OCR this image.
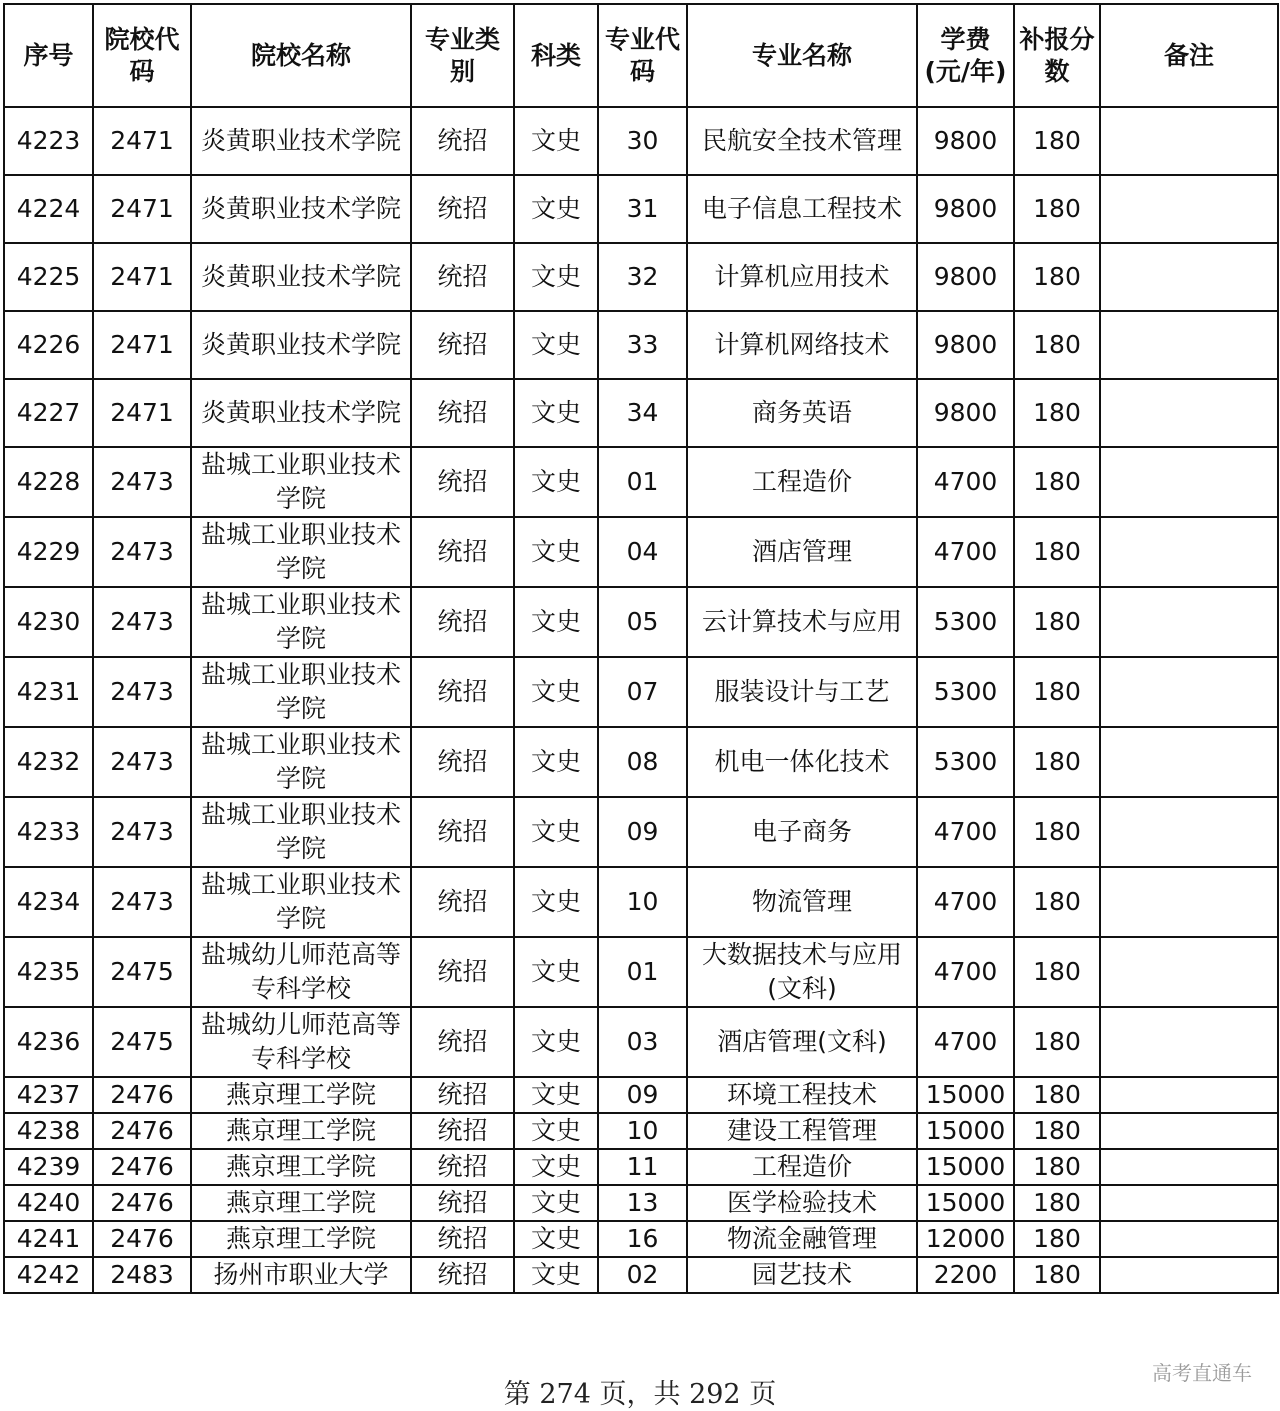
序号	院校代码	院校名称	专业类别	科类	专业代码	专业名称	学费(元/年)	补报分数	备注
4223	2471	炎黄职业技术学院	统招	文史	30	民航安全技术管理	9800	180	
4224	2471	炎黄职业技术学院	统招	文史	31	电子信息工程技术	9800	180	
4225	2471	炎黄职业技术学院	统招	文史	32	计算机应用技术	9800	180	
4226	2471	炎黄职业技术学院	统招	文史	33	计算机网络技术	9800	180	
4227	2471	炎黄职业技术学院	统招	文史	34	商务英语	9800	180	
4228	2473	盐城工业职业技术学院	统招	文史	01	工程造价	4700	180	
4229	2473	盐城工业职业技术学院	统招	文史	04	酒店管理	4700	180	
4230	2473	盐城工业职业技术学院	统招	文史	05	云计算技术与应用	5300	180	
4231	2473	盐城工业职业技术学院	统招	文史	07	服装设计与工艺	5300	180	
4232	2473	盐城工业职业技术学院	统招	文史	08	机电一体化技术	5300	180	
4233	2473	盐城工业职业技术学院	统招	文史	09	电子商务	4700	180	
4234	2473	盐城工业职业技术学院	统招	文史	10	物流管理	4700	180	
4235	2475	盐城幼儿师范高等专科学校	统招	文史	01	大数据技术与应用(文科)	4700	180	
4236	2475	盐城幼儿师范高等专科学校	统招	文史	03	酒店管理(文科)	4700	180	
4237	2476	燕京理工学院	统招	文史	09	环境工程技术	15000	180	
4238	2476	燕京理工学院	统招	文史	10	建设工程管理	15000	180	
4239	2476	燕京理工学院	统招	文史	11	工程造价	15000	180	
4240	2476	燕京理工学院	统招	文史	13	医学检验技术	15000	180	
4241	2476	燕京理工学院	统招	文史	16	物流金融管理	12000	180	
4242	2483	扬州市职业大学	统招	文史	02	园艺技术	2200	180	
第 274 页，共 292 页
高考直通车
